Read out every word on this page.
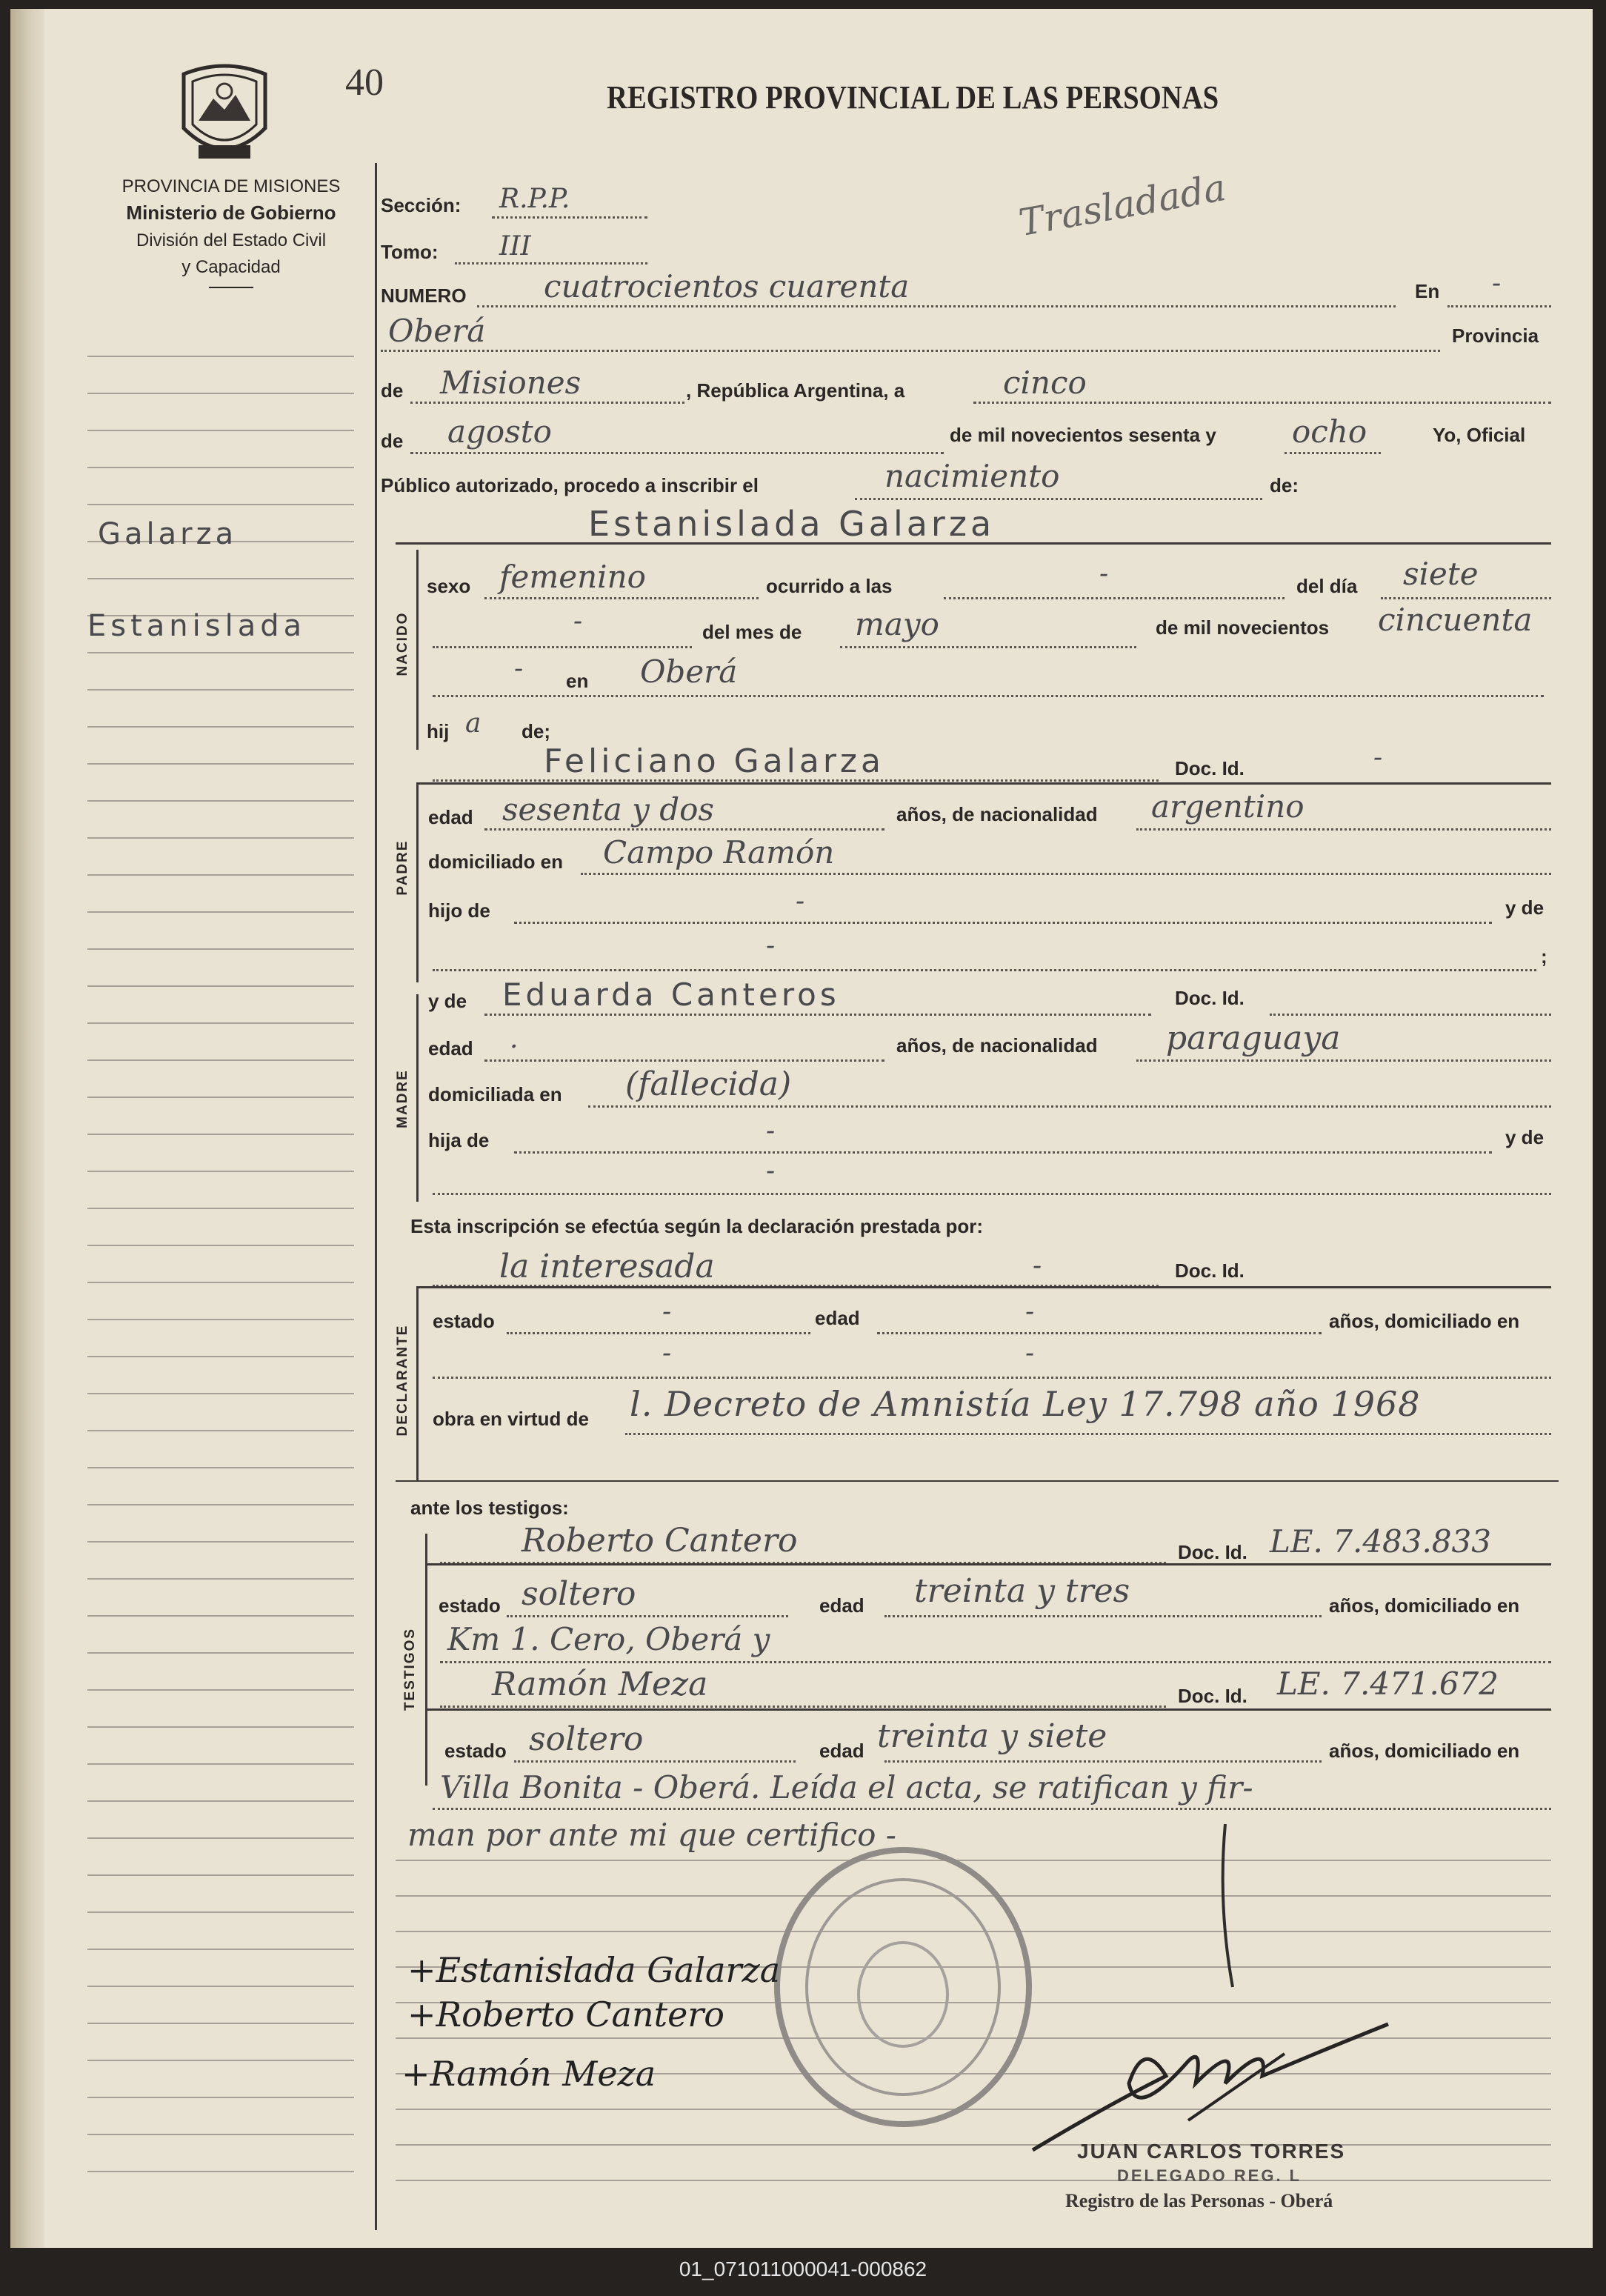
40	REGISTRO PROVINCIAL DE LAS PERSONAS
PROVINCIA DE MISIONES
Ministerio de Gobierno
División del Estado Civil
y Capacidad
Galarza
Estanislada
Sección: R.P.P.
Tomo: III
Trasladada
NUMERO cuatrocientos cuarenta	En -
Oberá	Provincia
de Misiones	, República Argentina, a	cinco
de agosto	de mil novecientos sesenta y ocho	Yo, Oficial
Público autorizado, procedo a inscribir el	nacimiento	de:
Estanislada Galarza
NACIDO
sexo femenino	ocurrido a las	-	del día siete
-	del mes de mayo	de mil novecientos cincuenta
- en Oberá
hij a de;
Feliciano Galarza	Doc. Id.	-
PADRE
edad sesenta y dos	años, de nacionalidad argentino
domiciliado en Campo Ramón
hijo de	-	y de
-	;
y de Eduarda Canteros	Doc. Id.
MADRE
edad .	años, de nacionalidad paraguaya
domiciliada en (fallecida)
hija de	-	y de
-
Esta inscripción se efectúa según la declaración prestada por:
la interesada	-	Doc. Id.
DECLARANTE
estado	-	edad	-	años, domiciliado en
-	-
obra en virtud de l. Decreto de Amnistía Ley 17.798 año 1968
ante los testigos:
TESTIGOS
Roberto Cantero	Doc. Id. LE. 7.483.833
estado soltero	edad treinta y tres	años, domiciliado en
Km 1. Cero, Oberá y
Ramón Meza	Doc. Id. LE. 7.471.672
estado soltero	edad treinta y siete	años, domiciliado en
Villa Bonita - Oberá. Leída el acta, se ratifican y fir-
man por ante mi que certifico -
+Estanislada Galarza
+Roberto Cantero
+Ramón Meza
JUAN CARLOS TORRES
DELEGADO REG. L
Registro de las Personas - Oberá
01_071011000041-000862
